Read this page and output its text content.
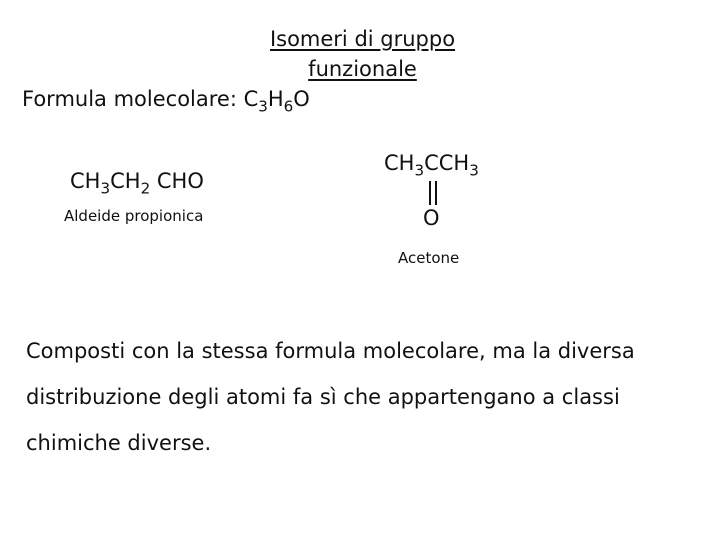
Isomeri di gruppo
funzionale
Formula molecolare: $C_3H_6O$
$CH_3CH_2$ CHO
Aldeide propionica
$CH_3CCH_3$
O
Acetone
Composti con la stessa formula molecolare, ma la diversa
distribuzione degli atomi fa sì che appartengano a classi
chimiche diverse.
